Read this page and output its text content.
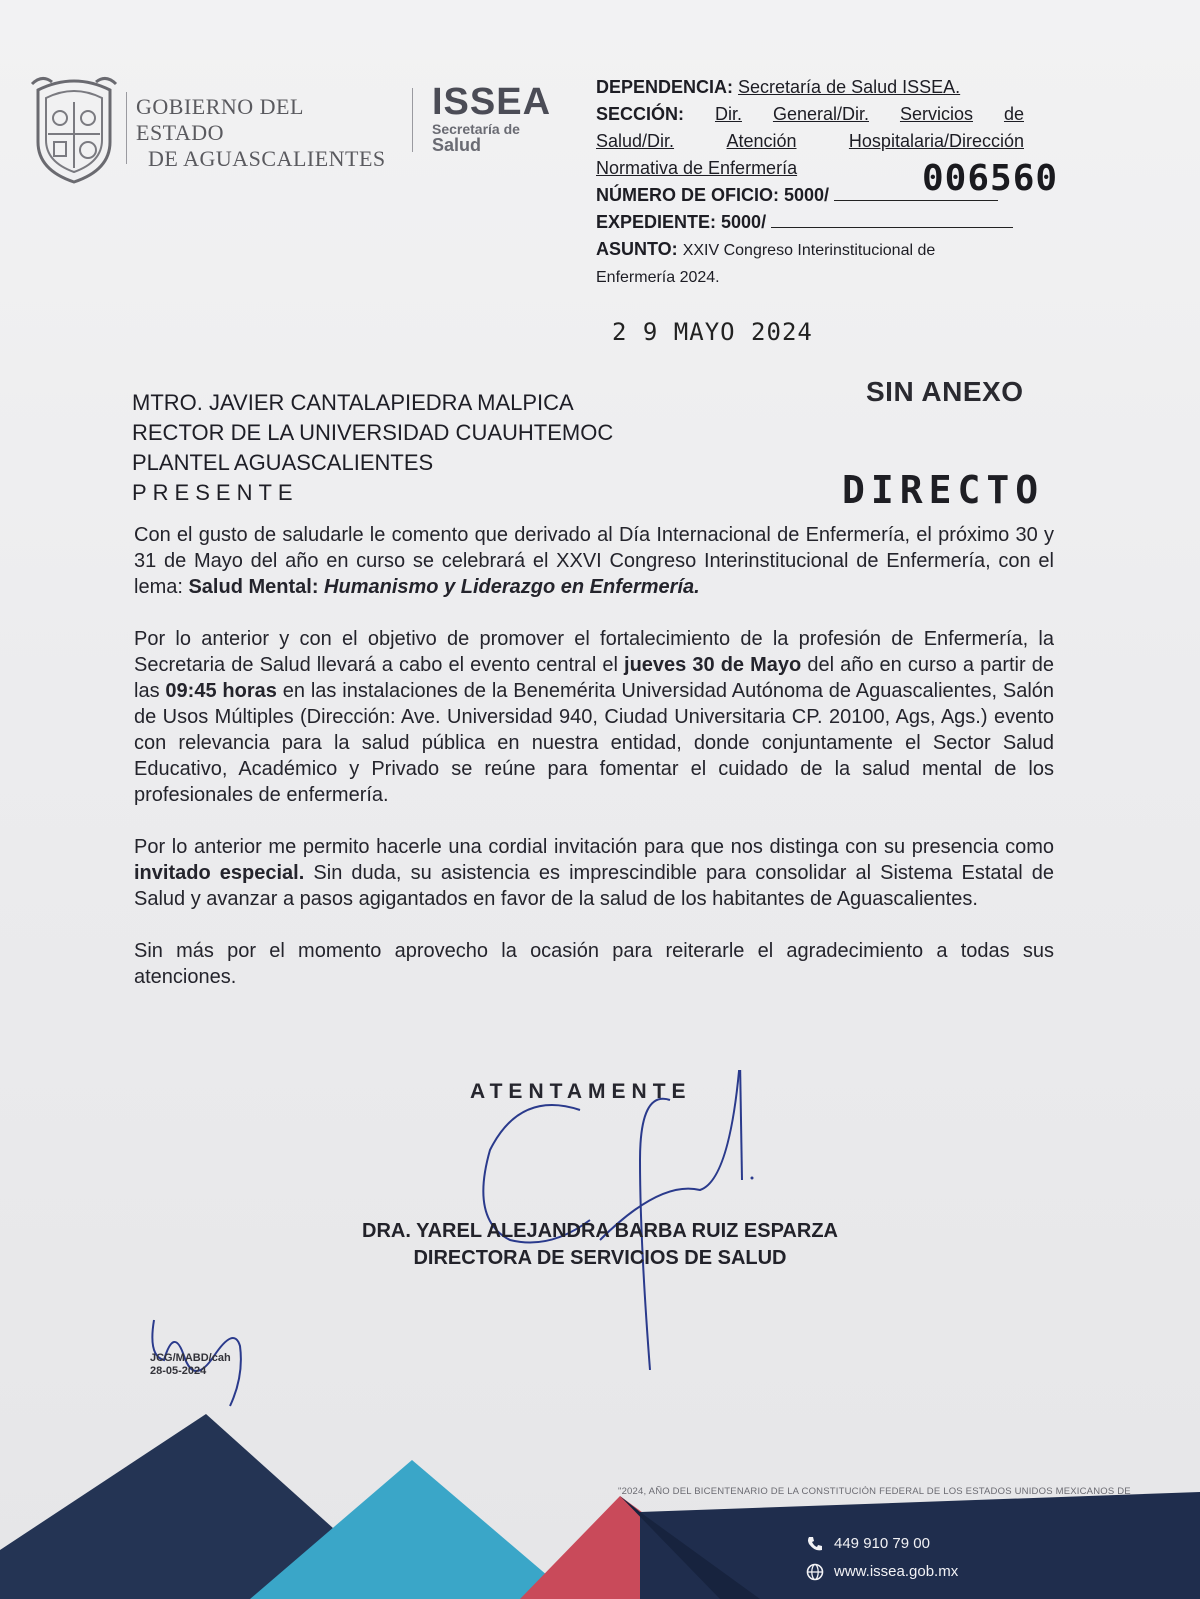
GOBIERNO DEL ESTADO
DE AGUASCALIENTES
ISSEA
Secretaría de
Salud
DEPENDENCIA: Secretaría de Salud ISSEA.
SECCIÓN: Dir. General/Dir. Servicios de
Salud/Dir.	Atención	Hospitalaria/Dirección
Normativa de Enfermería
NÚMERO DE OFICIO: 5000/
EXPEDIENTE: 5000/
ASUNTO: XXIV Congreso Interinstitucional de
Enfermería 2024.
006560
2 9 MAYO 2024
SIN ANEXO
DIRECTO
MTRO. JAVIER CANTALAPIEDRA MALPICA
RECTOR DE LA UNIVERSIDAD CUAUHTEMOC
PLANTEL AGUASCALIENTES
PRESENTE

Con el gusto de saludarle le comento que derivado al Día Internacional de Enfermería, el próximo 30 y 31 de Mayo del año en curso se celebrará el XXVI Congreso Interinstitucional de Enfermería, con el lema: Salud Mental: Humanismo y Liderazgo en Enfermería.

Por lo anterior y con el objetivo de promover el fortalecimiento de la profesión de Enfermería, la Secretaria de Salud llevará a cabo el evento central el jueves 30 de Mayo del año en curso a partir de las 09:45 horas en las instalaciones de la Benemérita Universidad Autónoma de Aguascalientes, Salón de Usos Múltiples (Dirección: Ave. Universidad 940, Ciudad Universitaria CP. 20100, Ags, Ags.) evento con relevancia para la salud pública en nuestra entidad, donde conjuntamente el Sector Salud Educativo, Académico y Privado se reúne para fomentar el cuidado de la salud mental de los profesionales de enfermería.

Por lo anterior me permito hacerle una cordial invitación para que nos distinga con su presencia como invitado especial. Sin duda, su asistencia es imprescindible para consolidar al Sistema Estatal de Salud y avanzar a pasos agigantados en favor de la salud de los habitantes de Aguascalientes.

Sin más por el momento aprovecho la ocasión para reiterarle el agradecimiento a todas sus atenciones.

ATENTAMENTE
DRA. YAREL ALEJANDRA BARBA RUIZ ESPARZA
DIRECTORA DE SERVICIOS DE SALUD
JCG/MABD/cah
28-05-2024
"2024, AÑO DEL BICENTENARIO DE LA CONSTITUCIÓN FEDERAL DE LOS ESTADOS UNIDOS MEXICANOS DE
449 910 79 00
www.issea.gob.mx
